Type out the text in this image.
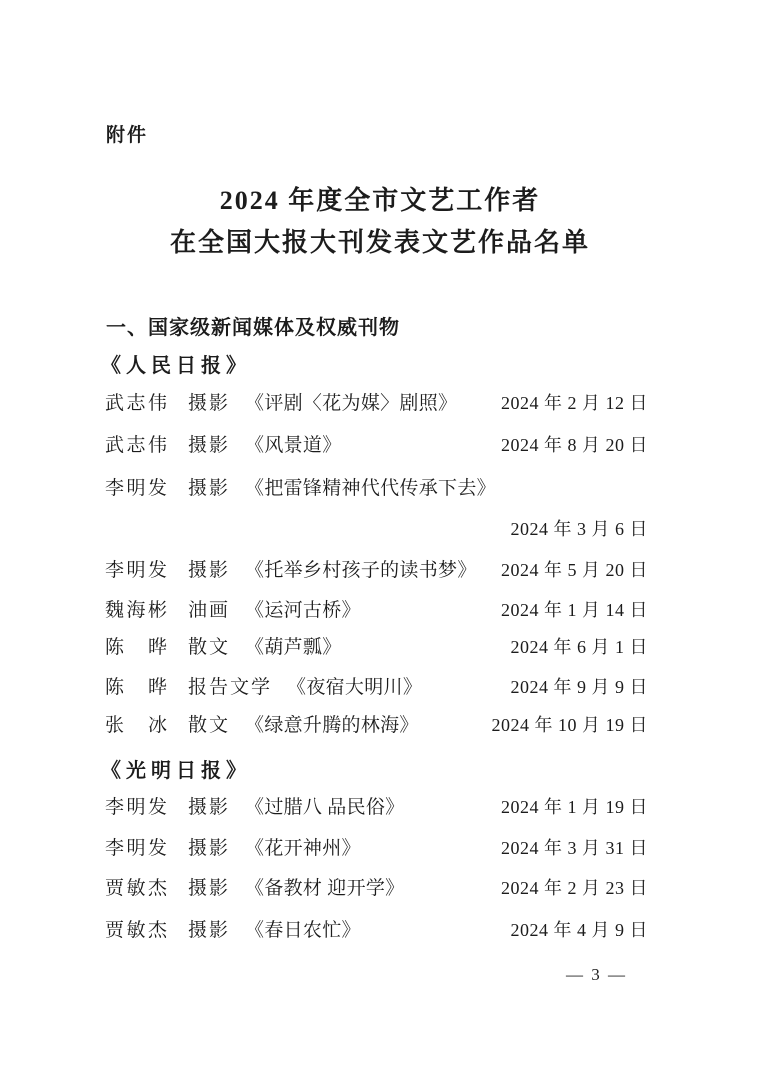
附件
2024 年度全市文艺工作者
在全国大报大刊发表文艺作品名单
一、国家级新闻媒体及权威刊物
《人民日报》
武志伟 摄影 《评剧〈花为媒〉剧照》 2024 年 2 月 12 日
武志伟 摄影 《风景道》	2024 年 8 月 20 日
李明发 摄影 《把雷锋精神代代传承下去》
2024 年 3 月 6 日
李明发 摄影 《托举乡村孩子的读书梦》 2024 年 5 月 20 日
魏海彬 油画 《运河古桥》	2024 年 1 月 14 日
陈晔 散文 《葫芦瓢》	2024 年 6 月 1 日
陈晔 报告文学 《夜宿大明川》	2024 年 9 月 9 日
张冰 散文 《绿意升腾的林海》	2024 年 10 月 19 日
《光明日报》
李明发 摄影 《过腊八 品民俗》	2024 年 1 月 19 日
李明发 摄影 《花开神州》	2024 年 3 月 31 日
贾敏杰 摄影 《备教材 迎开学》	2024 年 2 月 23 日
贾敏杰 摄影 《春日农忙》	2024 年 4 月 9 日
— 3 —
